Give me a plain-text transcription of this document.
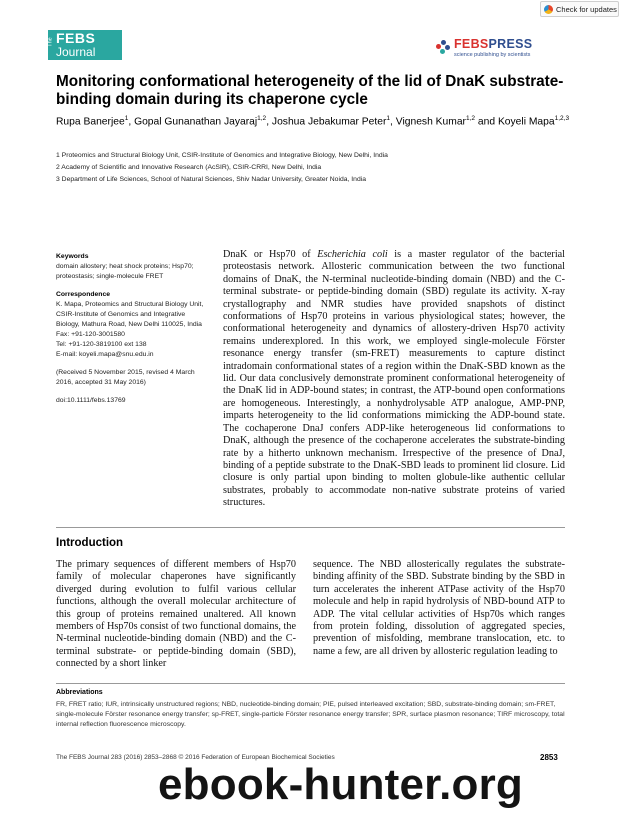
Check for updates
The FEBS
Journal
FEBSPRESS
science publishing by scientists
Monitoring conformational heterogeneity of the lid of DnaK substrate-binding domain during its chaperone cycle
Rupa Banerjee$^1$, Gopal Gunanathan Jayaraj$^{1,2}$, Joshua Jebakumar Peter$^1$, Vignesh Kumar$^{1,2}$ and Koyeli Mapa$^{1,2,3}$
1 Proteomics and Structural Biology Unit, CSIR-Institute of Genomics and Integrative Biology, New Delhi, India
2 Academy of Scientific and Innovative Research (AcSIR), CSIR-CRRI, New Delhi, India
3 Department of Life Sciences, School of Natural Sciences, Shiv Nadar University, Greater Noida, India
Keywords

domain allostery; heat shock proteins; Hsp70; proteostasis; single-molecule FRET

Correspondence

K. Mapa, Proteomics and Structural Biology Unit, CSIR-Institute of Genomics and Integrative Biology, Mathura Road, New Delhi 110025, India

Fax: +91-120-3001580

Tel: +91-120-3819100 ext 138

E-mail: koyeli.mapa@snu.edu.in

(Received 5 November 2015, revised 4 March 2016, accepted 31 May 2016)

doi:10.1111/febs.13769

DnaK or Hsp70 of Escherichia coli is a master regulator of the bacterial proteostasis network. Allosteric communication between the two functional domains of DnaK, the N-terminal nucleotide-binding domain (NBD) and the C-terminal substrate- or peptide-binding domain (SBD) regulate its activity. X-ray crystallography and NMR studies have provided snapshots of distinct conformations of Hsp70 proteins in various physiological states; however, the conformational heterogeneity and dynamics of allostery-driven Hsp70 activity remains underexplored. In this work, we employed single-molecule Förster resonance energy transfer (sm-FRET) measurements to capture distinct intradomain conformational states of a region within the DnaK-SBD known as the lid. Our data conclusively demonstrate prominent conformational heterogeneity of the DnaK lid in ADP-bound states; in contrast, the ATP-bound open conformations are homogeneous. Interestingly, a nonhydrolysable ATP analogue, AMP-PNP, imparts heterogeneity to the lid conformations mimicking the ADP-bound state. The cochaperone DnaJ confers ADP-like heterogeneous lid conformations to DnaK, although the presence of the cochaperone accelerates the substrate-binding rate by a hitherto unknown mechanism. Irrespective of the presence of DnaJ, binding of a peptide substrate to the DnaK-SBD leads to prominent lid closure. Lid closure is only partial upon binding to molten globule-like authentic cellular substrates, probably to accommodate non-native substrate proteins of varied structures.

Introduction

The primary sequences of different members of Hsp70 family of molecular chaperones have significantly diverged during evolution to fulfil various cellular functions, although the overall molecular architecture of this group of proteins remained unaltered. All known members of Hsp70s consist of two functional domains, the N-terminal nucleotide-binding domain (NBD) and the C-terminal substrate- or peptide-binding domain (SBD), connected by a short linker

sequence. The NBD allosterically regulates the substrate-binding affinity of the SBD. Substrate binding by the SBD in turn accelerates the inherent ATPase activity of the Hsp70 molecule and help in rapid hydrolysis of NBD-bound ATP to ADP. The vital cellular activities of Hsp70s which ranges from protein folding, dissolution of aggregated species, prevention of misfolding, membrane translocation, etc. to name a few, are all driven by allosteric regulation leading to

Abbreviations

FR, FRET ratio; IUR, intrinsically unstructured regions; NBD, nucleotide-binding domain; PIE, pulsed interleaved excitation; SBD, substrate-binding domain; sm-FRET, single-molecule Förster resonance energy transfer; sp-FRET, single-particle Förster resonance energy transfer; SPR, surface plasmon resonance; TIRF microscopy, total internal reflection fluorescence microscopy.

The FEBS Journal 283 (2016) 2853–2868 © 2016 Federation of European Biochemical Societies	2853
ebook-hunter.org
